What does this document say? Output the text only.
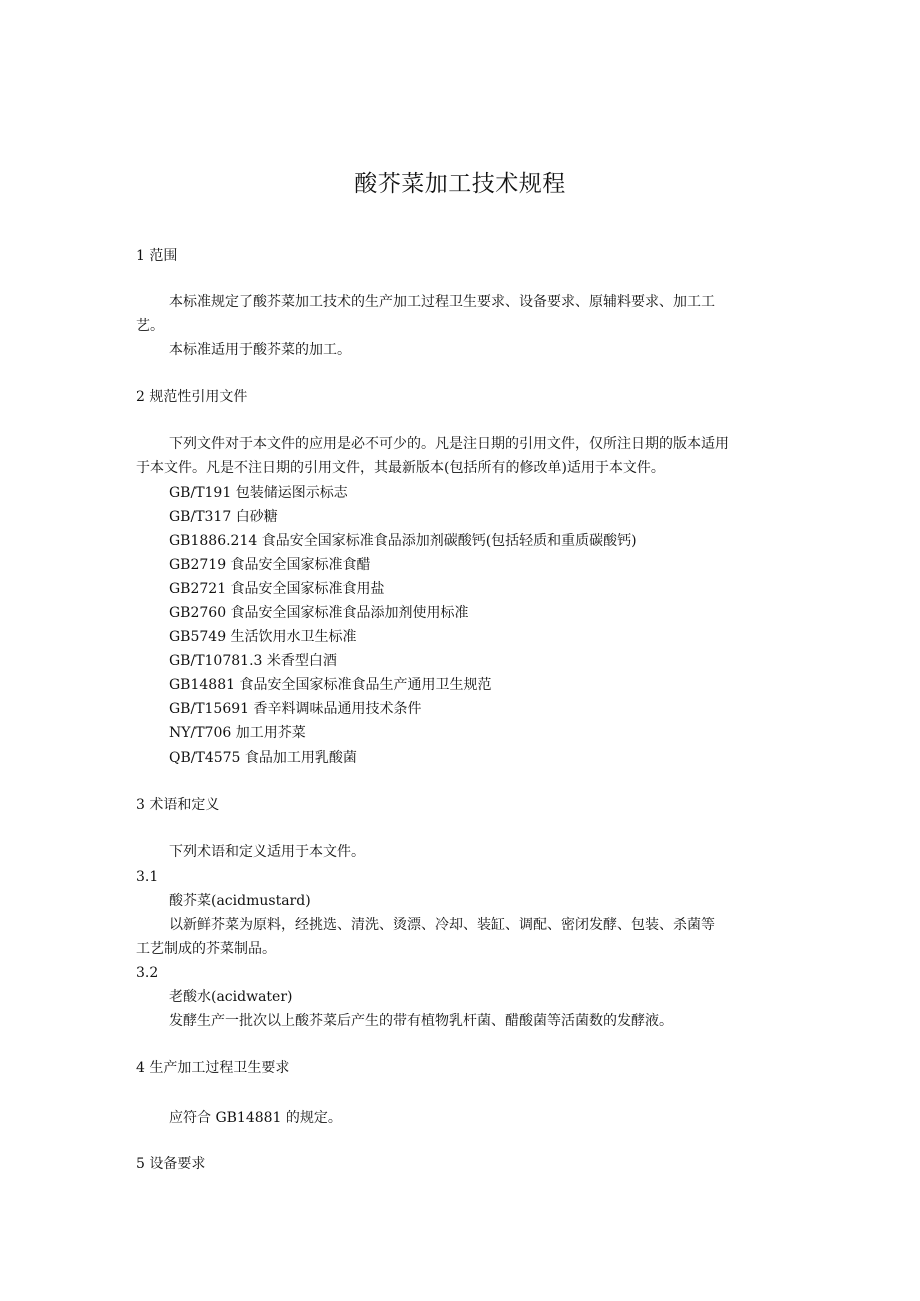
酸芥菜加工技术规程

1 范围

本标准规定了酸芥菜加工技术的生产加工过程卫生要求、设备要求、原辅料要求、加工工

艺。

本标准适用于酸芥菜的加工。

2 规范性引用文件

下列文件对于本文件的应用是必不可少的。凡是注日期的引用文件，仅所注日期的版本适用

于本文件。凡是不注日期的引用文件，其最新版本(包括所有的修改单)适用于本文件。

GB/T191 包装储运图示标志

GB/T317 白砂糖

GB1886.214 食品安全国家标准食品添加剂碳酸钙(包括轻质和重质碳酸钙)

GB2719 食品安全国家标准食醋

GB2721 食品安全国家标准食用盐

GB2760 食品安全国家标准食品添加剂使用标准

GB5749 生活饮用水卫生标准

GB/T10781.3 米香型白酒

GB14881 食品安全国家标准食品生产通用卫生规范

GB/T15691 香辛料调味品通用技术条件

NY/T706 加工用芥菜

QB/T4575 食品加工用乳酸菌

3 术语和定义

下列术语和定义适用于本文件。

3.1

酸芥菜(acidmustard)

以新鲜芥菜为原料，经挑选、清洗、烫漂、冷却、装缸、调配、密闭发酵、包装、杀菌等

工艺制成的芥菜制品。

3.2

老酸水(acidwater)

发酵生产一批次以上酸芥菜后产生的带有植物乳杆菌、醋酸菌等活菌数的发酵液。

4 生产加工过程卫生要求

应符合 GB14881 的规定。

5 设备要求
